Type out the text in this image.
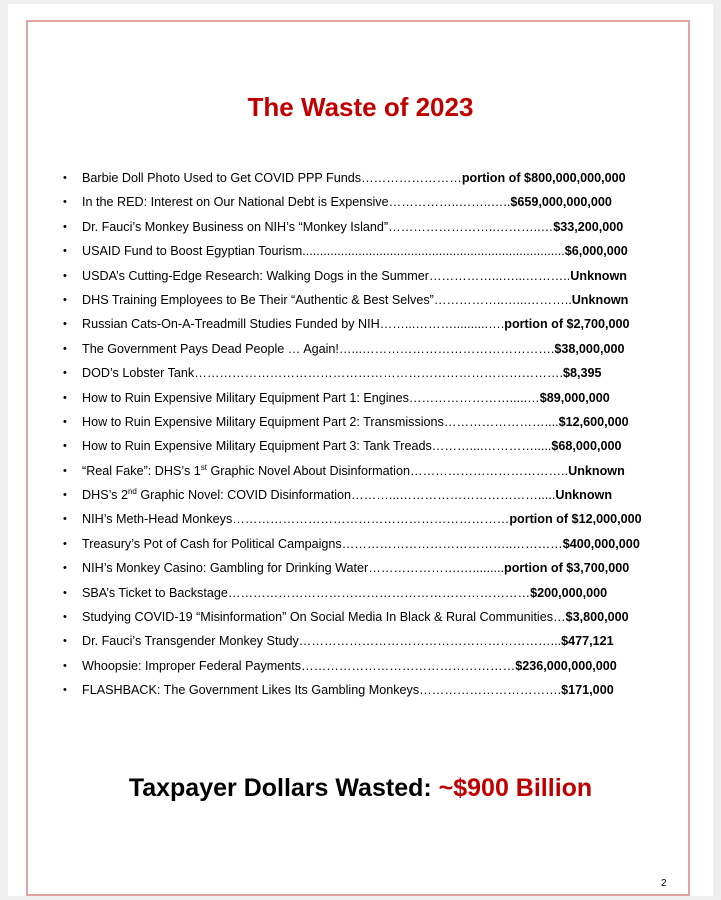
The Waste of 2023
• Barbie Doll Photo Used to Get COVID PPP Funds …………………… portion of $800,000,000,000
• In the RED: Interest on Our National Debt is Expensive ……………..……..….. $659,000,000,000
• Dr. Fauci’s Monkey Business on NIH’s “Monkey Island” ……………………..………..… $33,200,000
• USAID Fund to Boost Egyptian Tourism ........................................................................... $6,000,000
• USDA’s Cutting-Edge Research: Walking Dogs in the Summer ……………...…...……….. Unknown
• DHS Training Employees to Be Their “Authentic & Best Selves” ……………..…...……….. Unknown
• Russian Cats-On-A-Treadmill Studies Funded by NIH ……...………..........…. portion of $2,700,000
• The Government Pays Dead People … Again! …...………………………………………. $38,000,000
• DOD’s Lobster Tank ……………………………………………………………………………. $8,395
• How to Ruin Expensive Military Equipment Part 1: Engines …………………….....… $89,000,000
• How to Ruin Expensive Military Equipment Part 2: Transmissions …………………….... $12,600,000
• How to Ruin Expensive Military Equipment Part 3: Tank Treads ………....…………..... $68,000,000
• “Real Fake”: DHS’s 1st Graphic Novel About Disinformation ……………………………….. Unknown
• DHS’s 2nd Graphic Novel: COVID Disinformation ………...……………………………..... Unknown
• NIH’s Meth-Head Monkeys ………………………………………………………… portion of $12,000,000
• Treasury’s Pot of Cash for Political Campaigns …………………………………..………… $400,000,000
• NIH’s Monkey Casino: Gambling for Drinking Water ………………….…......... portion of $3,700,000
• SBA’s Ticket to Backstage ……………………………………………………………… $200,000,000
• Studying COVID-19 “Misinformation” On Social Media In Black & Rural Communities … $3,800,000
• Dr. Fauci’s Transgender Monkey Study ……………………………………………………... $477,121
• Whoopsie: Improper Federal Payments …………………………………………… $236,000,000,000
• FLASHBACK: The Government Likes Its Gambling Monkeys ……………………………. $171,000
Taxpayer Dollars Wasted: ~$900 Billion
2
